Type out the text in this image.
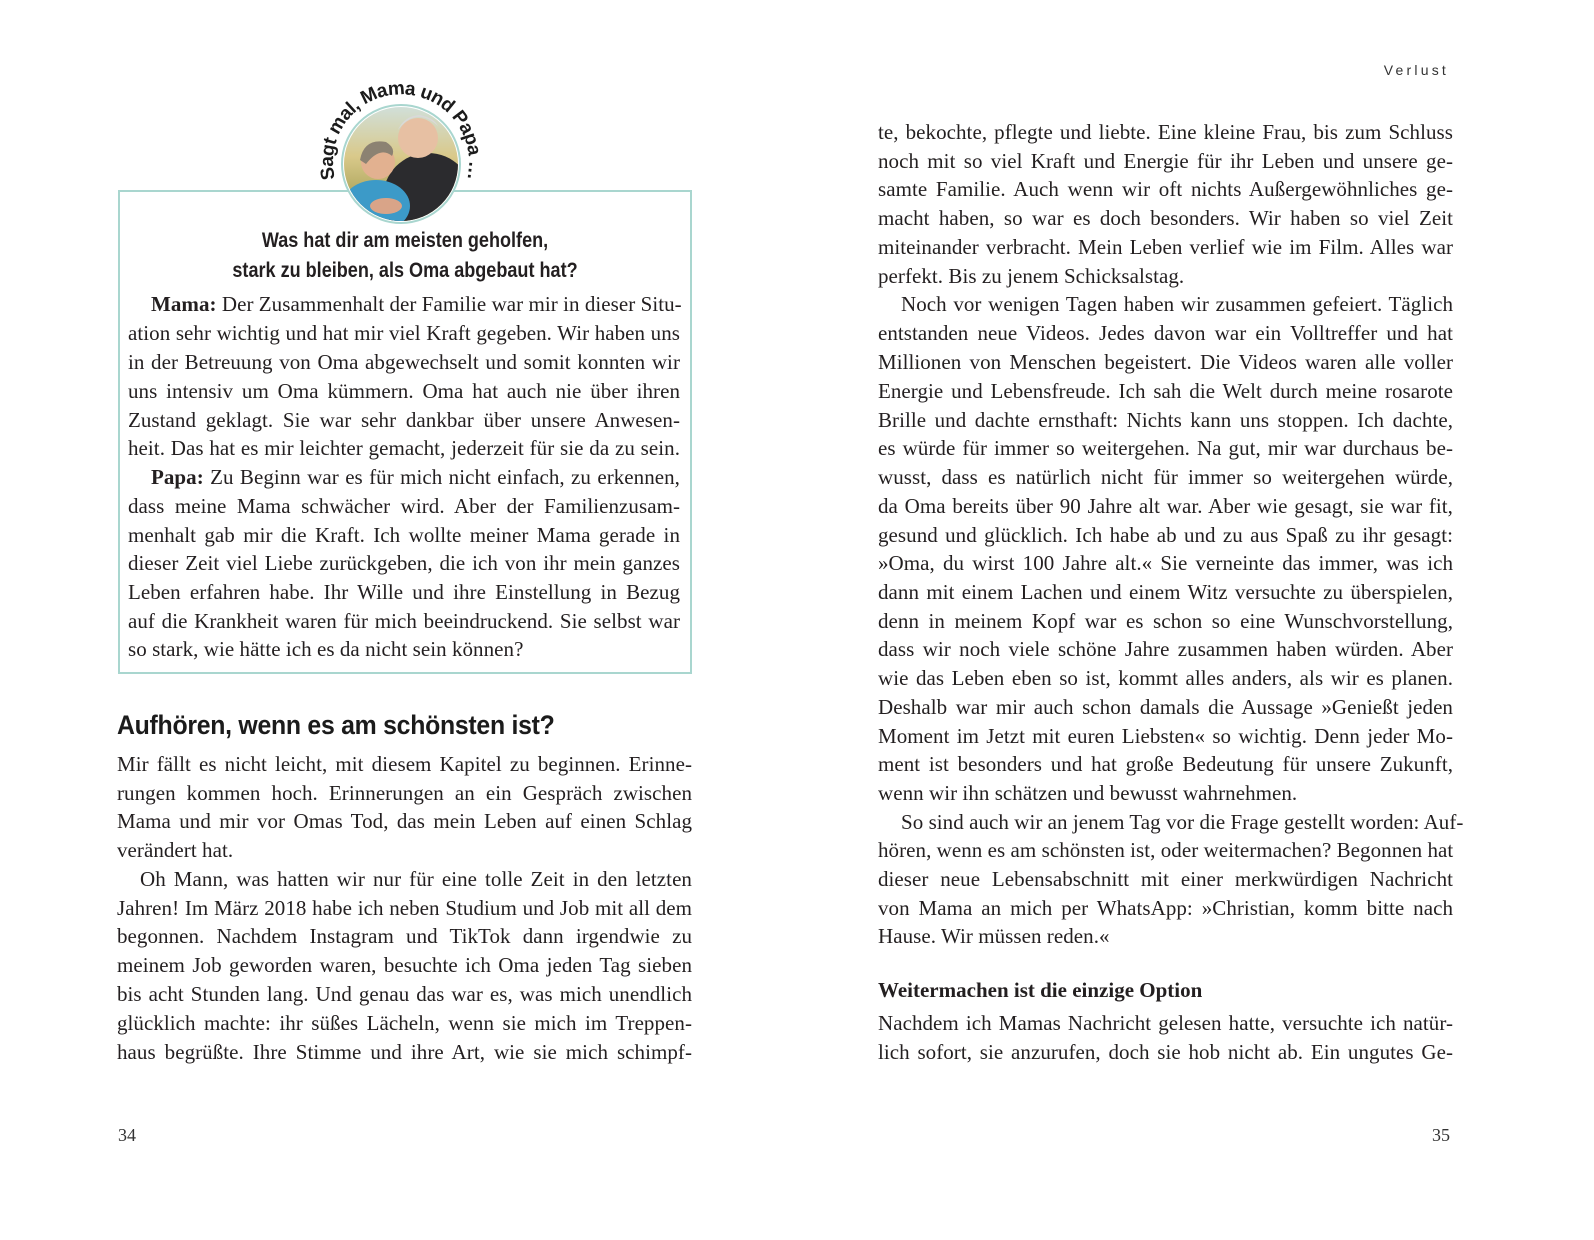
Sagt mal, Mama und Papa …
Was hat dir am meisten geholfen,
stark zu bleiben, als Oma abgebaut hat?
Mama: Der Zusammenhalt der Familie war mir in dieser Situ-
ation sehr wichtig und hat mir viel Kraft gegeben. Wir haben uns
in der Betreuung von Oma abgewechselt und somit konnten wir
uns intensiv um Oma kümmern. Oma hat auch nie über ihren
Zustand geklagt. Sie war sehr dankbar über unsere Anwesen-
heit. Das hat es mir leichter gemacht, jederzeit für sie da zu sein.
Papa: Zu Beginn war es für mich nicht einfach, zu erkennen,
dass meine Mama schwächer wird. Aber der Familienzusam-
menhalt gab mir die Kraft. Ich wollte meiner Mama gerade in
dieser Zeit viel Liebe zurückgeben, die ich von ihr mein ganzes
Leben erfahren habe. Ihr Wille und ihre Einstellung in Bezug
auf die Krankheit waren für mich beeindruckend. Sie selbst war
so stark, wie hätte ich es da nicht sein können?
Aufhören, wenn es am schönsten ist?
Mir fällt es nicht leicht, mit diesem Kapitel zu beginnen. Erinne-
rungen kommen hoch. Erinnerungen an ein Gespräch zwischen
Mama und mir vor Omas Tod, das mein Leben auf einen Schlag
verändert hat.
Oh Mann, was hatten wir nur für eine tolle Zeit in den letzten
Jahren! Im März 2018 habe ich neben Studium und Job mit all dem
begonnen. Nachdem Instagram und TikTok dann irgendwie zu
meinem Job geworden waren, besuchte ich Oma jeden Tag sieben
bis acht Stunden lang. Und genau das war es, was mich unendlich
glücklich machte: ihr süßes Lächeln, wenn sie mich im Treppen-
haus begrüßte. Ihre Stimme und ihre Art, wie sie mich schimpf-
34
Verlust
te, bekochte, pflegte und liebte. Eine kleine Frau, bis zum Schluss
noch mit so viel Kraft und Energie für ihr Leben und unsere ge-
samte Familie. Auch wenn wir oft nichts Außergewöhnliches ge-
macht haben, so war es doch besonders. Wir haben so viel Zeit
miteinander verbracht. Mein Leben verlief wie im Film. Alles war
perfekt. Bis zu jenem Schicksalstag.
Noch vor wenigen Tagen haben wir zusammen gefeiert. Täglich
entstanden neue Videos. Jedes davon war ein Volltreffer und hat
Millionen von Menschen begeistert. Die Videos waren alle voller
Energie und Lebensfreude. Ich sah die Welt durch meine rosarote
Brille und dachte ernsthaft: Nichts kann uns stoppen. Ich dachte,
es würde für immer so weitergehen. Na gut, mir war durchaus be-
wusst, dass es natürlich nicht für immer so weitergehen würde,
da Oma bereits über 90 Jahre alt war. Aber wie gesagt, sie war fit,
gesund und glücklich. Ich habe ab und zu aus Spaß zu ihr gesagt:
»Oma, du wirst 100 Jahre alt.« Sie verneinte das immer, was ich
dann mit einem Lachen und einem Witz versuchte zu überspielen,
denn in meinem Kopf war es schon so eine Wunschvorstellung,
dass wir noch viele schöne Jahre zusammen haben würden. Aber
wie das Leben eben so ist, kommt alles anders, als wir es planen.
Deshalb war mir auch schon damals die Aussage »Genießt jeden
Moment im Jetzt mit euren Liebsten« so wichtig. Denn jeder Mo-
ment ist besonders und hat große Bedeutung für unsere Zukunft,
wenn wir ihn schätzen und bewusst wahrnehmen.
So sind auch wir an jenem Tag vor die Frage gestellt worden: Auf-
hören, wenn es am schönsten ist, oder weitermachen? Begonnen hat
dieser neue Lebensabschnitt mit einer merkwürdigen Nachricht
von Mama an mich per WhatsApp: »Christian, komm bitte nach
Hause. Wir müssen reden.«
Weitermachen ist die einzige Option
Nachdem ich Mamas Nachricht gelesen hatte, versuchte ich natür-
lich sofort, sie anzurufen, doch sie hob nicht ab. Ein ungutes Ge-
35
